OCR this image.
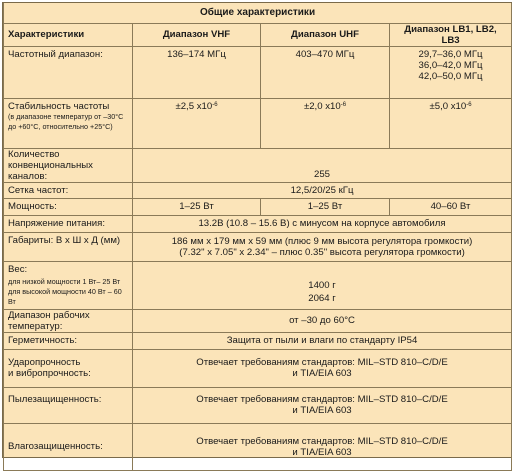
Общие характеристики			
Характеристики	Диапазон VHF	Диапазон UHF	Диапазон LB1, LB2, LB3
Частотный диапазон:	136–174 МГц	403–470 МГц	29,7–36,0 МГц
36,0–42,0 МГц
42,0–50,0 МГц

Стабильность частоты
(в диапазоне температур от –30°C
до +60°C, относительно +25°C)	±2,5 $х10^{-6}$	±2,0 $х10^{-6}$	±5,0 $х10^{-6}$

Количество
конвенциональных каналов:	255		
Сетка частот:	12,5/20/25 кГц		
Мощность:	1–25 Вт	1–25 Вт	40–60 Вт
Напряжение питания:	13.2В (10.8 – 15.6 В) с минусом на корпусе автомобиля		
Габариты: В х Ш х Д (мм)	186 мм х 179 мм х 59 мм (плюс 9 мм высота регулятора громкости)
(7.32" х 7.05" х 2.34" – плюс 0.35" высота регулятора громкости)		

Вес:
для низкой мощности 1 Вт– 25 Вт
для высокой мощности 40 Вт – 60 Вт	1400 г
2064 г		

Диапазон рабочих температур:	от –30 до 60°C		
Герметичность:	Защита от пыли и влаги по стандарту IP54		

Ударопрочность
и вибропрочность:	Отвечает требованиям стандартов: MIL–STD 810–C/D/E
и TIA/EIA 603		

Пылезащищенность:	Отвечает требованиям стандартов: MIL–STD 810–C/D/E
и TIA/EIA 603		

Влагозащищенность:	Отвечает требованиям стандартов: MIL–STD 810–C/D/E
и TIA/EIA 603		
